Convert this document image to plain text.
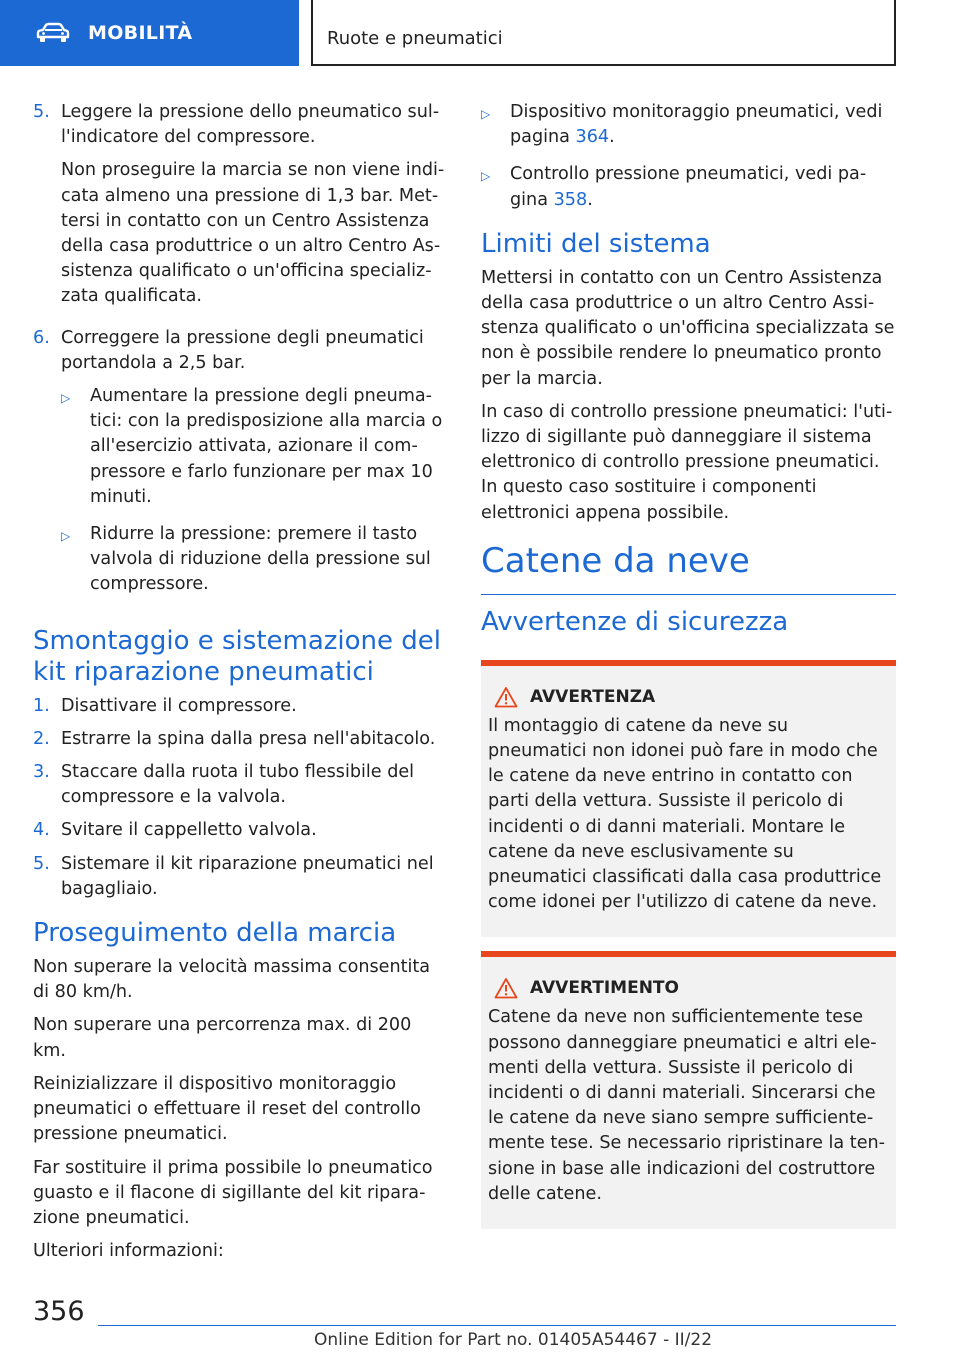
MOBILITÀ	Ruote e pneumatici
5. Leggere la pressione dello pneumatico sull'indicatore del compressore.

Non proseguire la marcia se non viene indicata almeno una pressione di 1,3 bar. Mettersi in contatto con un Centro Assistenza della casa produttrice o un altro Centro Assistenza qualificato o un'officina specializzata qualificata.

6. Correggere la pressione degli pneumatici portandola a 2,5 bar.

▷	Aumentare la pressione degli pneumatici: con la predisposizione alla marcia o all'esercizio attivata, azionare il compressore e farlo funzionare per max 10 minuti.
▷	Ridurre la pressione: premere il tasto valvola di riduzione della pressione sul compressore.
Smontaggio e sistemazione del kit riparazione pneumatici
1. Disattivare il compressore.
2. Estrarre la spina dalla presa nell'abitacolo.
3. Staccare dalla ruota il tubo flessibile del compressore e la valvola.
4. Svitare il cappelletto valvola.
5. Sistemare il kit riparazione pneumatici nel bagagliaio.
Proseguimento della marcia

Non superare la velocità massima consentita di 80 km/h.

Non superare una percorrenza max. di 200 km.

Reinizializzare il dispositivo monitoraggio pneumatici o effettuare il reset del controllo pressione pneumatici.

Far sostituire il prima possibile lo pneumatico guasto e il flacone di sigillante del kit riparazione pneumatici.

Ulteriori informazioni:

▷	Dispositivo monitoraggio pneumatici, vedi pagina 364.
▷	Controllo pressione pneumatici, vedi pagina 358.
Limiti del sistema

Mettersi in contatto con un Centro Assistenza della casa produttrice o un altro Centro Assistenza qualificato o un'officina specializzata se non è possibile rendere lo pneumatico pronto per la marcia.

In caso di controllo pressione pneumatici: l'utilizzo di sigillante può danneggiare il sistema elettronico di controllo pressione pneumatici. In questo caso sostituire i componenti elettronici appena possibile.

Catene da neve
Avvertenze di sicurezza
AVVERTENZA

Il montaggio di catene da neve su pneumatici non idonei può fare in modo che le catene da neve entrino in contatto con parti della vettura. Sussiste il pericolo di incidenti o di danni materiali. Montare le catene da neve esclusivamente su pneumatici classificati dalla casa produttrice come idonei per l'utilizzo di catene da neve.

AVVERTIMENTO

Catene da neve non sufficientemente tese possono danneggiare pneumatici e altri elementi della vettura. Sussiste il pericolo di incidenti o di danni materiali. Sincerarsi che le catene da neve siano sempre sufficientemente tese. Se necessario ripristinare la tensione in base alle indicazioni del costruttore delle catene.

356
Online Edition for Part no. 01405A54467 - II/22
